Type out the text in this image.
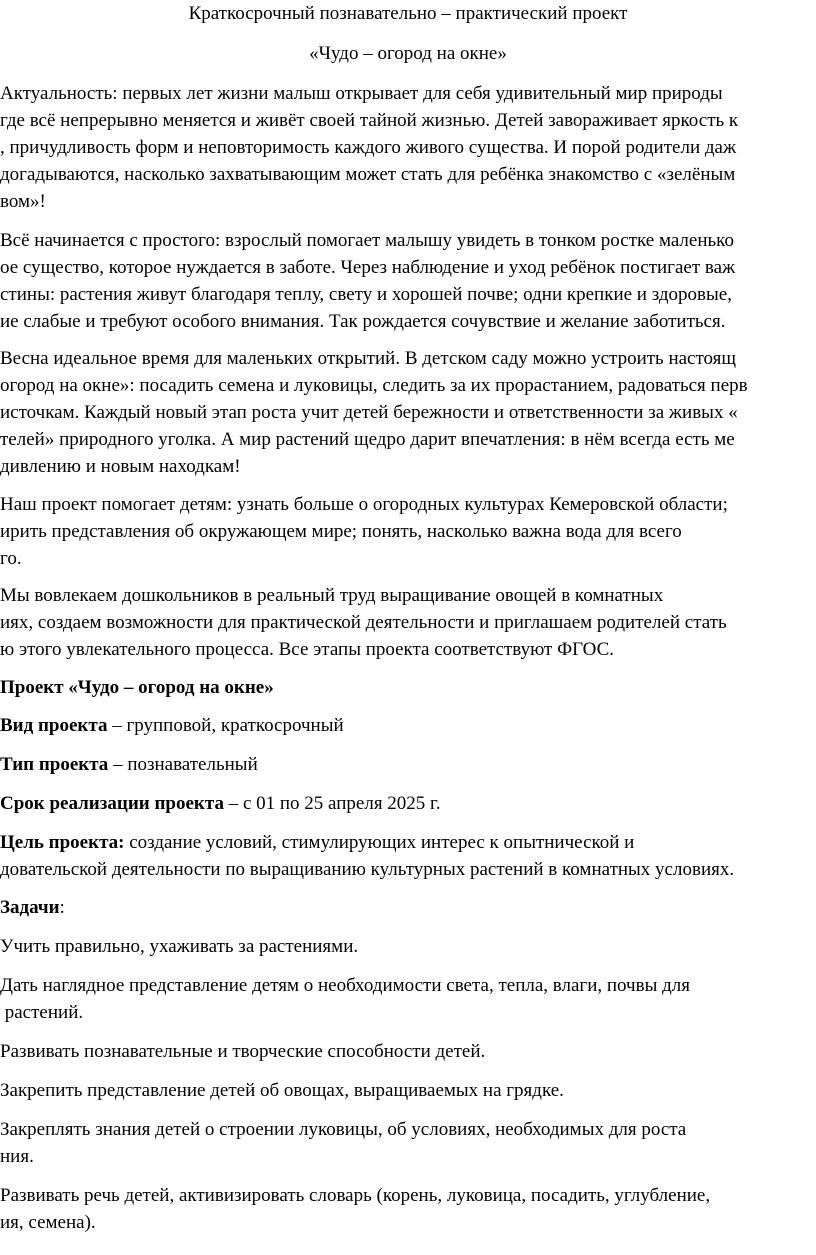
Краткосрочный познавательно – практический проект
«Чудо – огород на окне»
Актуальность: первых лет жизни малыш открывает для себя удивительный мир природы
где всё непрерывно меняется и живёт своей тайной жизнью. Детей завораживает яркость к
, причудливость форм и неповторимость каждого живого существа. И порой родители даж
догадываются, насколько захватывающим может стать для ребёнка знакомство с «зелёным
вом»!
Всё начинается с простого: взрослый помогает малышу увидеть в тонком ростке маленько
ое существо, которое нуждается в заботе. Через наблюдение и уход ребёнок постигает важ
стины: растения живут благодаря теплу, свету и хорошей почве; одни крепкие и здоровые,
ие слабые и требуют особого внимания. Так рождается сочувствие и желание заботиться.
Весна идеальное время для маленьких открытий. В детском саду можно устроить настоящ
огород на окне»: посадить семена и луковицы, следить за их прорастанием, радоваться перв
источкам. Каждый новый этап роста учит детей бережности и ответственности за живых «
телей» природного уголка. А мир растений щедро дарит впечатления: в нём всегда есть ме
дивлению и новым находкам!
Наш проект помогает детям: узнать больше о огородных культурах Кемеровской области;
ирить представления об окружающем мире; понять, насколько важна вода для всего
го.
Мы вовлекаем дошкольников в реальный труд выращивание овощей в комнатных
иях, создаем возможности для практической деятельности и приглашаем родителей стать
ю этого увлекательного процесса. Все этапы проекта соответствуют ФГОС.
Проект «Чудо – огород на окне»
Вид проекта – групповой, краткосрочный
Тип проекта – познавательный
Срок реализации проекта – с 01 по 25 апреля 2025 г.
Цель проекта: создание условий, стимулирующих интерес к опытнической и
довательской деятельности по выращиванию культурных растений в комнатных условиях.
Задачи:
Учить правильно, ухаживать за растениями.
Дать наглядное представление детям о необходимости света, тепла, влаги, почвы для
растений.
Развивать познавательные и творческие способности детей.
Закрепить представление детей об овощах, выращиваемых на грядке.
Закреплять знания детей о строении луковицы, об условиях, необходимых для роста
ния.
Развивать речь детей, активизировать словарь (корень, луковица, посадить, углубление,
ия, семена).
